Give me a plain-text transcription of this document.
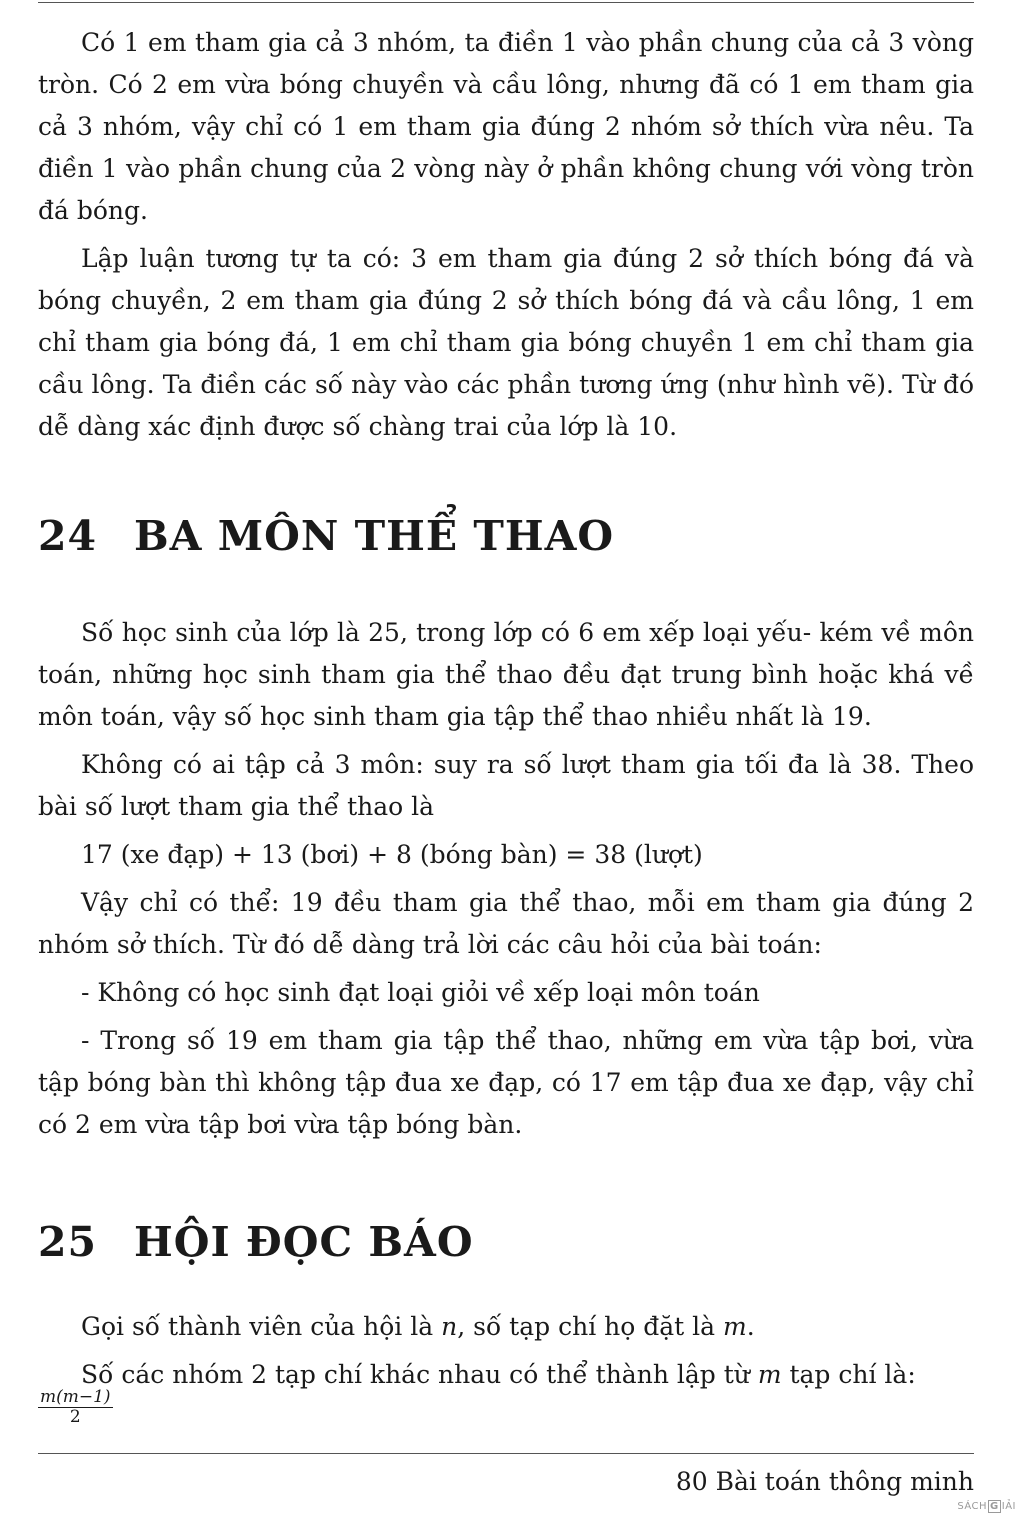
Có 1 em tham gia cả 3 nhóm, ta điền 1 vào phần chung của cả 3 vòng tròn. Có 2 em vừa bóng chuyền và cầu lông, nhưng đã có 1 em tham gia cả 3 nhóm, vậy chỉ có 1 em tham gia đúng 2 nhóm sở thích vừa nêu. Ta điền 1 vào phần chung của 2 vòng này ở phần không chung với vòng tròn đá bóng.

Lập luận tương tự ta có: 3 em tham gia đúng 2 sở thích bóng đá và bóng chuyền, 2 em tham gia đúng 2 sở thích bóng đá và cầu lông, 1 em chỉ tham gia bóng đá, 1 em chỉ tham gia bóng chuyền 1 em chỉ tham gia cầu lông. Ta điền các số này vào các phần tương ứng (như hình vẽ). Từ đó dễ dàng xác định được số chàng trai của lớp là 10.

24 BA MÔN THỂ THAO

Số học sinh của lớp là 25, trong lớp có 6 em xếp loại yếu- kém về môn toán, những học sinh tham gia thể thao đều đạt trung bình hoặc khá về môn toán, vậy số học sinh tham gia tập thể thao nhiều nhất là 19.

Không có ai tập cả 3 môn: suy ra số lượt tham gia tối đa là 38. Theo bài số lượt tham gia thể thao là

17 (xe đạp) + 13 (bơi) + 8 (bóng bàn) = 38 (lượt)

Vậy chỉ có thể: 19 đều tham gia thể thao, mỗi em tham gia đúng 2 nhóm sở thích. Từ đó dễ dàng trả lời các câu hỏi của bài toán:

- Không có học sinh đạt loại giỏi về xếp loại môn toán

- Trong số 19 em tham gia tập thể thao, những em vừa tập bơi, vừa tập bóng bàn thì không tập đua xe đạp, có 17 em tập đua xe đạp, vậy chỉ có 2 em vừa tập bơi vừa tập bóng bàn.

25 HỘI ĐỌC BÁO

Gọi số thành viên của hội là n, số tạp chí họ đặt là m.

Số các nhóm 2 tạp chí khác nhau có thể thành lập từ m tạp chí là:

$\frac{m(m-1)}{2}$
80 Bài toán thông minh
SÁCH G IẢI
